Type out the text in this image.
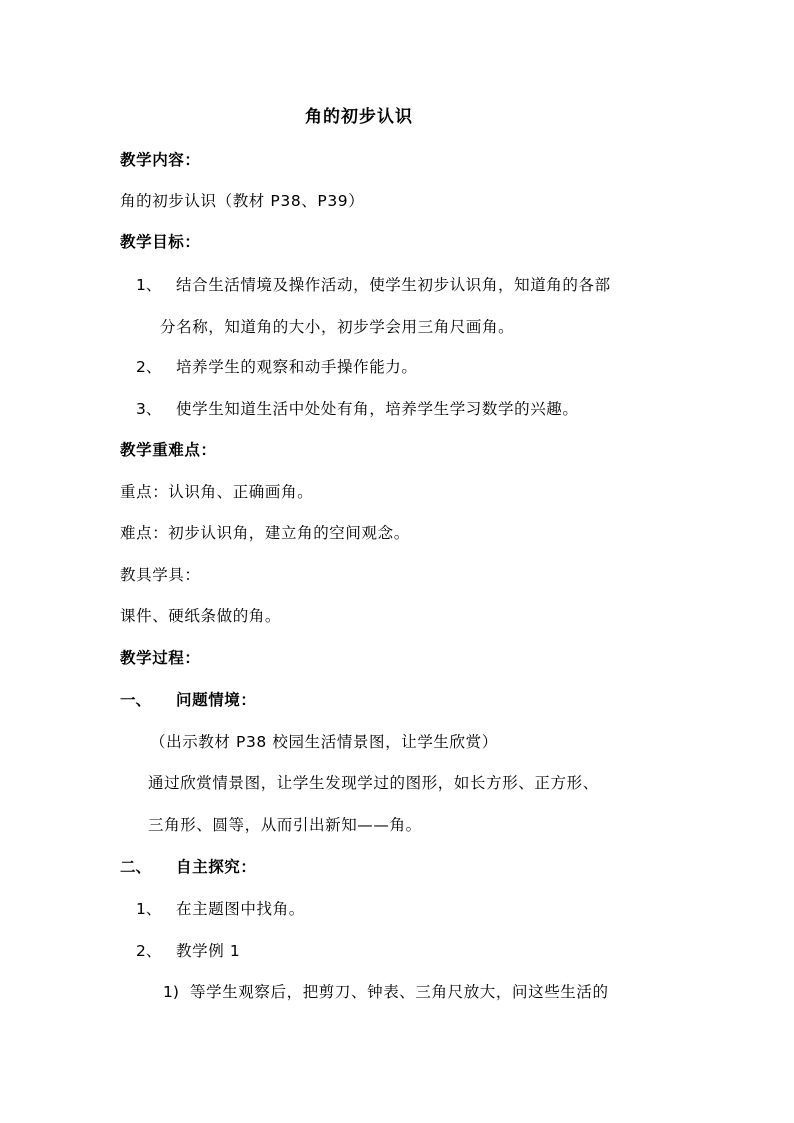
角的初步认识
教学内容：
角的初步认识（教材 P38、P39）
教学目标：
1、 结合生活情境及操作活动，使学生初步认识角，知道角的各部
分名称，知道角的大小，初步学会用三角尺画角。
2、 培养学生的观察和动手操作能力。
3、 使学生知道生活中处处有角，培养学生学习数学的兴趣。
教学重难点：
重点：认识角、正确画角。
难点：初步认识角，建立角的空间观念。
教具学具：
课件、硬纸条做的角。
教学过程：
一、 问题情境：
（出示教材 P38 校园生活情景图，让学生欣赏）
通过欣赏情景图，让学生发现学过的图形，如长方形、正方形、
三角形、圆等，从而引出新知——角。
二、 自主探究：
1、 在主题图中找角。
2、 教学例 1
1) 等学生观察后，把剪刀、钟表、三角尺放大，问这些生活的
